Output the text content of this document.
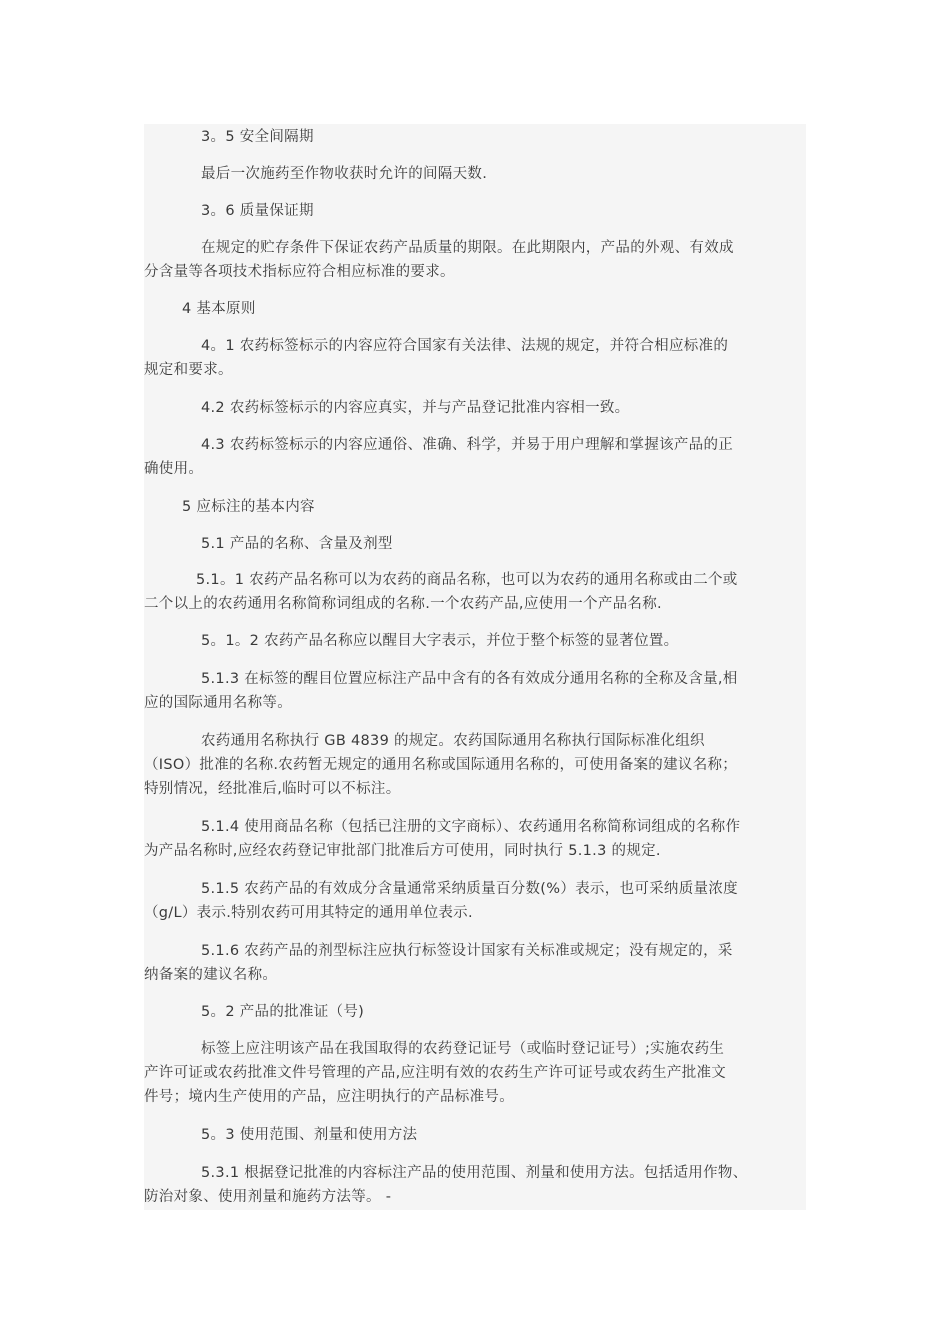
3。5 安全间隔期
最后一次施药至作物收获时允许的间隔天数.
3。6 质量保证期
在规定的贮存条件下保证农药产品质量的期限。在此期限内，产品的外观、有效成
分含量等各项技术指标应符合相应标准的要求。
4 基本原则
4。1 农药标签标示的内容应符合国家有关法律、法规的规定，并符合相应标准的
规定和要求。
4.2 农药标签标示的内容应真实，并与产品登记批准内容相一致。
4.3 农药标签标示的内容应通俗、准确、科学，并易于用户理解和掌握该产品的正
确使用。
5 应标注的基本内容
5.1 产品的名称、含量及剂型
5.1。1 农药产品名称可以为农药的商品名称，也可以为农药的通用名称或由二个或
二个以上的农药通用名称简称词组成的名称.一个农药产品,应使用一个产品名称.
5。1。2 农药产品名称应以醒目大字表示，并位于整个标签的显著位置。
5.1.3 在标签的醒目位置应标注产品中含有的各有效成分通用名称的全称及含量,相
应的国际通用名称等。
农药通用名称执行 GB 4839 的规定。农药国际通用名称执行国际标准化组织
（ISO）批准的名称.农药暂无规定的通用名称或国际通用名称的，可使用备案的建议名称；
特别情况，经批准后,临时可以不标注。
5.1.4 使用商品名称（包括已注册的文字商标）、农药通用名称简称词组成的名称作
为产品名称时,应经农药登记审批部门批准后方可使用，同时执行 5.1.3 的规定.
5.1.5 农药产品的有效成分含量通常采纳质量百分数(%）表示，也可采纳质量浓度
（g/L）表示.特别农药可用其特定的通用单位表示.
5.1.6 农药产品的剂型标注应执行标签设计国家有关标准或规定；没有规定的，采
纳备案的建议名称。
5。2 产品的批准证（号)
标签上应注明该产品在我国取得的农药登记证号（或临时登记证号）;实施农药生
产许可证或农药批准文件号管理的产品,应注明有效的农药生产许可证号或农药生产批准文
件号；境内生产使用的产品，应注明执行的产品标准号。
5。3 使用范围、剂量和使用方法
5.3.1 根据登记批准的内容标注产品的使用范围、剂量和使用方法。包括适用作物、
防治对象、使用剂量和施药方法等。 -
